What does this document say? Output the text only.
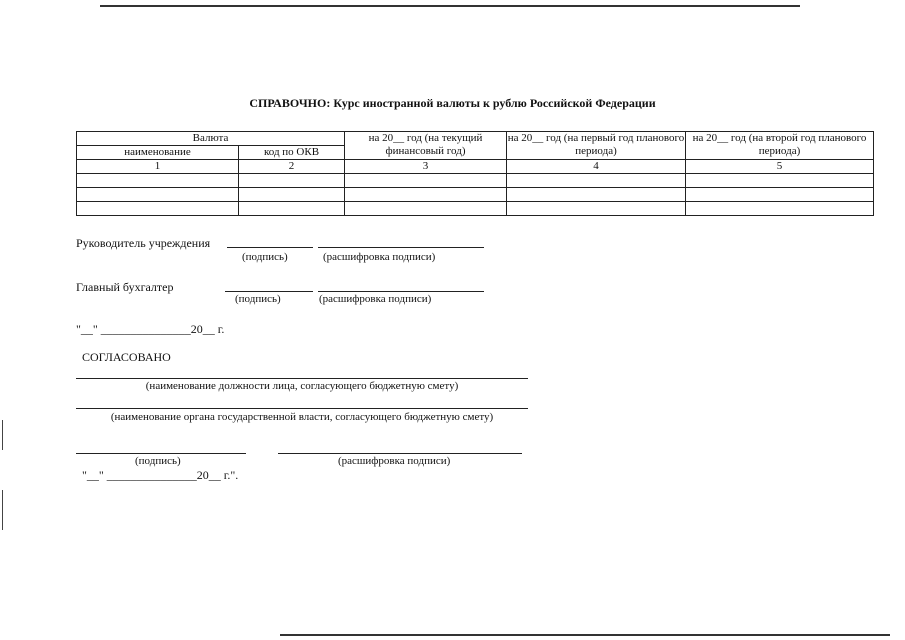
СПРАВОЧНО: Курс иностранной валюты к рублю Российской Федерации
Валюта		на 20__ год (на текущий финансовый год)	на 20__ год (на первый год планового периода)	на 20__ год (на второй год планового периода)
наименование	код по ОКВ			
1	2	3	4	5

Руководитель учреждения
(подпись)	(расшифровка подписи)
Главный бухгалтер
(подпись)	(расшифровка подписи)
"__" _______________20__ г.
СОГЛАСОВАНО
(наименование должности лица, согласующего бюджетную смету)
(наименование органа государственной власти, согласующего бюджетную смету)
(подпись)	(расшифровка подписи)
"__" _______________20__ г.".
